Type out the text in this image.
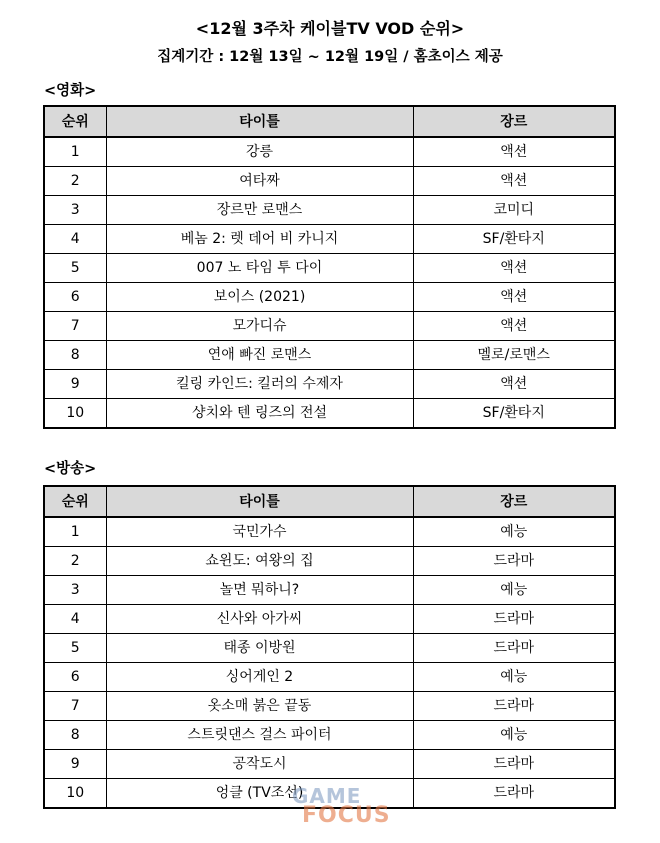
<12월 3주차 케이블TV VOD 순위>
집계기간 : 12월 13일 ~ 12월 19일 / 홈초이스 제공
<영화>
순위	타이틀	장르
1	강릉	액션
2	여타짜	액션
3	장르만 로맨스	코미디
4	베놈 2: 렛 데어 비 카니지	SF/환타지
5	007 노 타임 투 다이	액션
6	보이스 (2021)	액션
7	모가디슈	액션
8	연애 빠진 로맨스	멜로/로맨스
9	킬링 카인드: 킬러의 수제자	액션
10	샹치와 텐 링즈의 전설	SF/환타지
<방송>
순위	타이틀	장르
1	국민가수	예능
2	쇼윈도: 여왕의 집	드라마
3	놀면 뭐하니?	예능
4	신사와 아가씨	드라마
5	태종 이방원	드라마
6	싱어게인 2	예능
7	옷소매 붉은 끝동	드라마
8	스트릿댄스 걸스 파이터	예능
9	공작도시	드라마
10	엉클 (TV조선)	드라마
GAME
FOCUS
